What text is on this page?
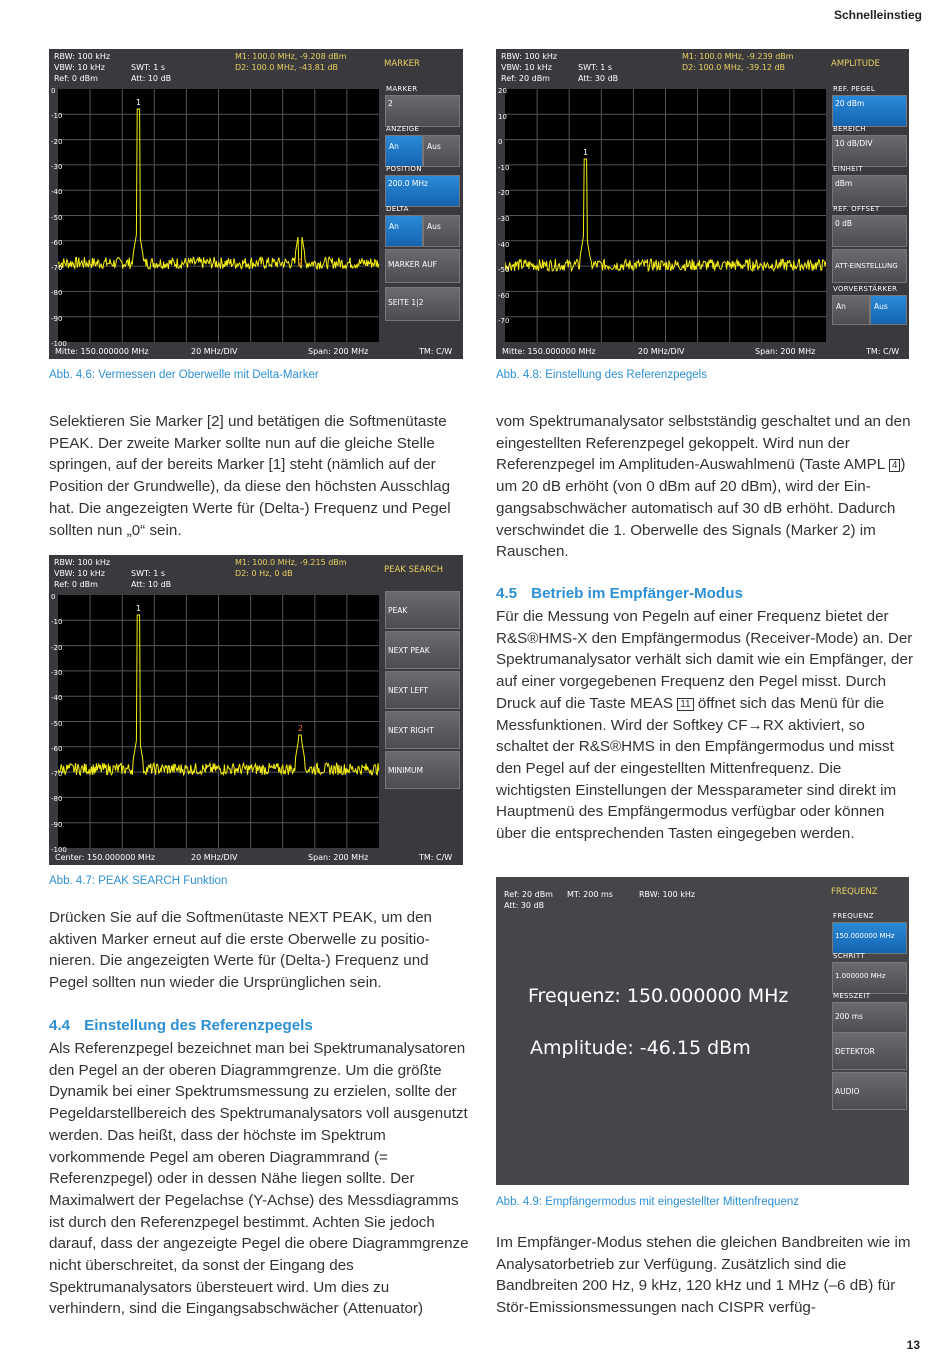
Schnelleinstieg
RBW: 100 kHz
VBW: 10 kHz
Ref: 0 dBm
SWT: 1 s
Att: 10 dB
M1: 100.0 MHz, -9.208 dBm
D2: 100.0 MHz, -43.81 dB	MARKER
1
2
Mitte: 150.000000 MHz	20 MHz/DIV	Span: 200 MHz	TM: C/W
MARKER
2
ANZEIGE
An	Aus
POSITION
200.0 MHz
DELTA
An	Aus
MARKER AUF
SEITE 1|2
0
-10
-20
-30
-40
-50
-60
-70
-80
-90
-100
Abb. 4.6: Vermessen der Oberwelle mit Delta-Marker
RBW: 100 kHz
VBW: 10 kHz
Ref: 20 dBm
SWT: 1 s
Att: 30 dB
M1: 100.0 MHz, -9.239 dBm
D2: 100.0 MHz, -39.12 dB	AMPLITUDE
1
Mitte: 150.000000 MHz	20 MHz/DIV	Span: 200 MHz	TM: C/W
REF. PEGEL
20 dBm
BEREICH
10 dB/DIV
EINHEIT
dBm
REF. OFFSET
0 dB
ATT-EINSTELLUNG
VORVERSTÄRKER
An	Aus
20
10
0
-10
-20
-30
-40
-50
-60
-70
Abb. 4.8: Einstellung des Referenzpegels
Selektieren Sie Marker [2] und betätigen die Softmenütaste PEAK. Der zweite Marker sollte nun auf die gleiche Stelle springen, auf der bereits Marker [1] steht (nämlich auf der Position der Grundwelle), da diese den höchsten Ausschlag hat. Die angezeigten Werte für (Delta-) Frequenz und Pegel sollten nun „0“ sein.
RBW: 100 kHz
VBW: 10 kHz
Ref: 0 dBm
SWT: 1 s
Att: 10 dB
M1: 100.0 MHz, -9.215 dBm
D2: 0 Hz, 0 dB	PEAK SEARCH
1
2
Center: 150.000000 MHz	20 MHz/DIV	Span: 200 MHz	TM: C/W
PEAK
NEXT PEAK
NEXT LEFT
NEXT RIGHT
MINIMUM
0
-10
-20
-30
-40
-50
-60
-70
-80
-90
-100
Abb. 4.7: PEAK SEARCH Funktion
Drücken Sie auf die Softmenütaste NEXT PEAK, um den aktiven Marker erneut auf die erste Oberwelle zu positionieren. Die angezeigten Werte für (Delta-) Frequenz und Pegel sollten nun wieder die Ursprünglichen sein.
4.4 Einstellung des Referenzpegels
Als Referenzpegel bezeichnet man bei Spektrumanalysatoren den Pegel an der oberen Diagrammgrenze. Um die größte Dynamik bei einer Spektrumsmessung zu erzielen, sollte der Pegeldarstellbereich des Spektrumanalysators voll ausgenutzt werden. Das heißt, dass der höchste im Spektrum vorkommende Pegel am oberen Diagrammrand (= Referenzpegel) oder in dessen Nähe liegen sollte. Der Maximalwert der Pegelachse (Y-Achse) des Messdiagramms ist durch den Referenzpegel bestimmt. Achten Sie jedoch darauf, dass der angezeigte Pegel die obere Diagrammgrenze nicht überschreitet, da sonst der Eingang des Spektrumanalysators übersteuert wird. Um dies zu verhindern, sind die Eingangsabschwächer (Attenuator)
vom Spektrumanalysator selbstständig geschaltet und an den eingestellten Referenzpegel gekoppelt. Wird nun der Referenzpegel im Amplituden-Auswahlmenü (Taste AMPL 4 ) um 20 dB erhöht (von 0 dBm auf 20 dBm), wird der Eingangsabschwächer automatisch auf 30 dB erhöht. Dadurch verschwindet die 1. Oberwelle des Signals (Marker 2) im Rauschen.
4.5 Betrieb im Empfänger-Modus
Für die Messung von Pegeln auf einer Frequenz bietet der R&S®HMS-X den Empfängermodus (Receiver-Mode) an. Der Spektrumanalysator verhält sich damit wie ein Empfänger, der auf einer vorgegebenen Frequenz den Pegel misst. Durch Druck auf die Taste MEAS 11 öffnet sich das Menü für die Messfunktionen. Wird der Softkey CF→RX aktiviert, so schaltet der R&S®HMS in den Empfängermodus und misst den Pegel auf der eingestellten Mittenfrequenz. Die wichtigsten Einstellungen der Messparameter sind direkt im Hauptmenü des Empfängermodus verfügbar oder können über die entsprechenden Tasten eingegeben werden.
Ref: 20 dBm
Att: 30 dB
MT: 200 ms	RBW: 100 kHz	FREQUENZ
Frequenz: 150.000000 MHz
Amplitude: -46.15 dBm
FREQUENZ
150.000000 MHz
SCHRITT
1.000000 MHz
MESSZEIT
200 ms
DETEKTOR
AUDIO
Abb. 4.9: Empfängermodus mit eingestellter Mittenfrequenz
Im Empfänger-Modus stehen die gleichen Bandbreiten wie im Analysatorbetrieb zur Verfügung. Zusätzlich sind die Bandbreiten 200 Hz, 9 kHz, 120 kHz und 1 MHz (–6 dB) für Stör-Emissionsmessungen nach CISPR verfüg-
13
